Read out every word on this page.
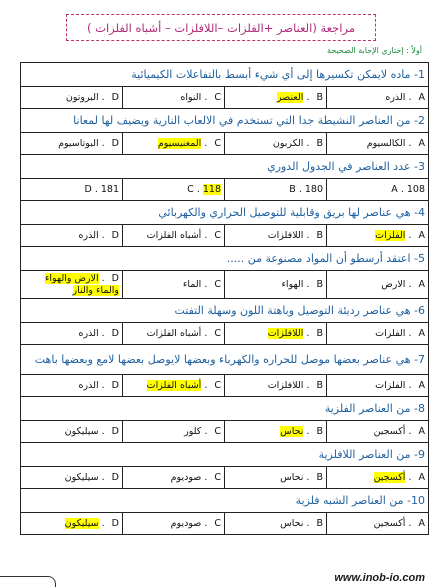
مراجعة (العناصر +الفلزات –اللافلزات – أشباه الفلزات )
أولاً : إختاري الإجابة الصحيحة
1- ماده لايمكن تكسيرها إلى أي شيء أبسط بالتفاعلات الكيميائية			
D . البروتون	C . النواه	B . العنصر	A . الذره
2- من العناصر النشيطة جدا التي تستخدم في الالعاب النارية ويضيف لها لمعانا			
D . البوتاسيوم	C . المغنيسيوم	B . الكربون	A . الكالسيوم
3- عدد العناصر في الجدول الدوري			
D . 181	C . 118	B . 180	A . 108
4- هي عناصر لها بريق وقابلية للتوصيل الحراري والكهربائي			
D . الذره	C . أشباه الفلزات	B . اللافلزات	A . الفلزات
5- اعتقد أرسطو أن المواد مصنوعة من .....			
D . الارض والهواء والماء والنار	C . الماء	B . الهواء	A . الارض
6- هي عناصر رديئة التوصيل وباهتة اللون وسهلة التفتت			
D . الذره	C . أشباه الفلزات	B . اللافلزات	A . الفلزات
7- هي عناصر بعضها موصل للحراره والكهرباء وبعضها لايوصل بعضها لامع وبعضها باهت			
D . الذره	C . أشباه الفلزات	B . اللافلزات	A . الفلزات
8- من العناصر الفلزية			
D . سيليكون	C . كلور	B . نحاس	A . أكسجين
9- من العناصر اللافلزية			
D . سيليكون	C . صوديوم	B . نحاس	A . أكسجين
10- من العناصر الشبه فلزية			
D . سيليكون	C . صوديوم	B . نحاس	A . أكسجين
www.inob-io.com
